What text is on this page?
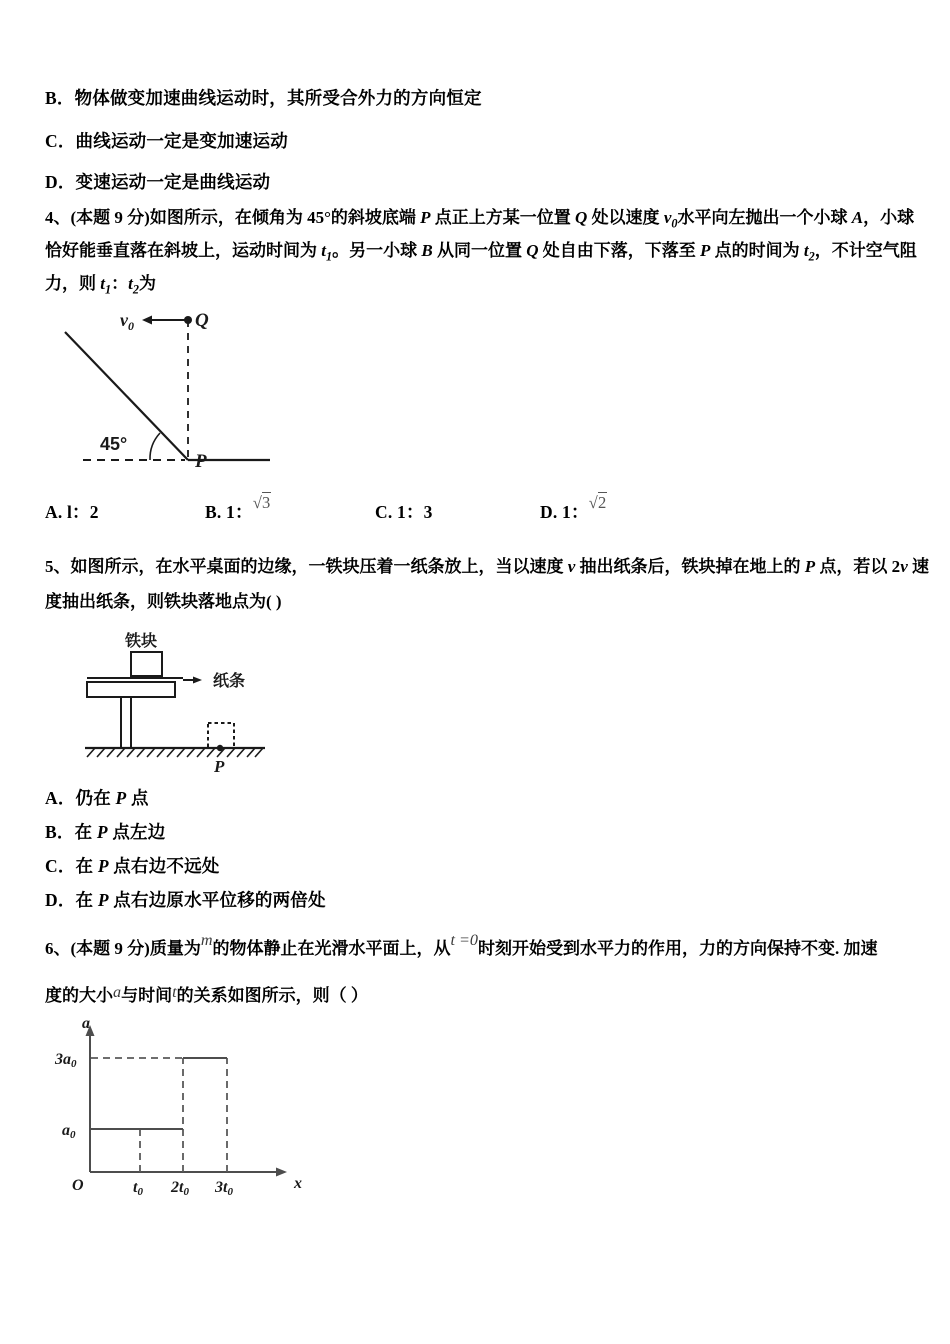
B．物体做变加速曲线运动时，其所受合外力的方向恒定
C．曲线运动一定是变加速运动
D．变速运动一定是曲线运动
4、(本题 9 分)如图所示，在倾角为 45°的斜坡底端 P 点正上方某一位置 Q 处以速度 $v_0$水平向左抛出一个小球 A，小球
恰好能垂直落在斜坡上，运动时间为 $t_1$。另一小球 B 从同一位置 Q 处自由下落，下落至 P 点的时间为 $t_2$，不计空气阻
力，则 $t_1$：$t_2$为
Q
P
$v_0$
45°
A. l：2	B. 1：√3	C. 1：3	D. 1：√2
5、如图所示，在水平桌面的边缘，一铁块压着一纸条放上，当以速度 v 抽出纸条后，铁块掉在地上的 P 点，若以 2v 速
度抽出纸条，则铁块落地点为( )
铁块
纸条
P
A．仍在 P 点
B．在 P 点左边
C．在 P 点右边不远处
D．在 P 点右边原水平位移的两倍处
6、(本题 9 分)质量为m的物体静止在光滑水平面上，从t =0时刻开始受到水平力的作用，力的方向保持不变. 加速
度的大小a与时间t的关系如图所示，则（ ）
a
x
O
3a0
a0
t0 2t0 3t0
